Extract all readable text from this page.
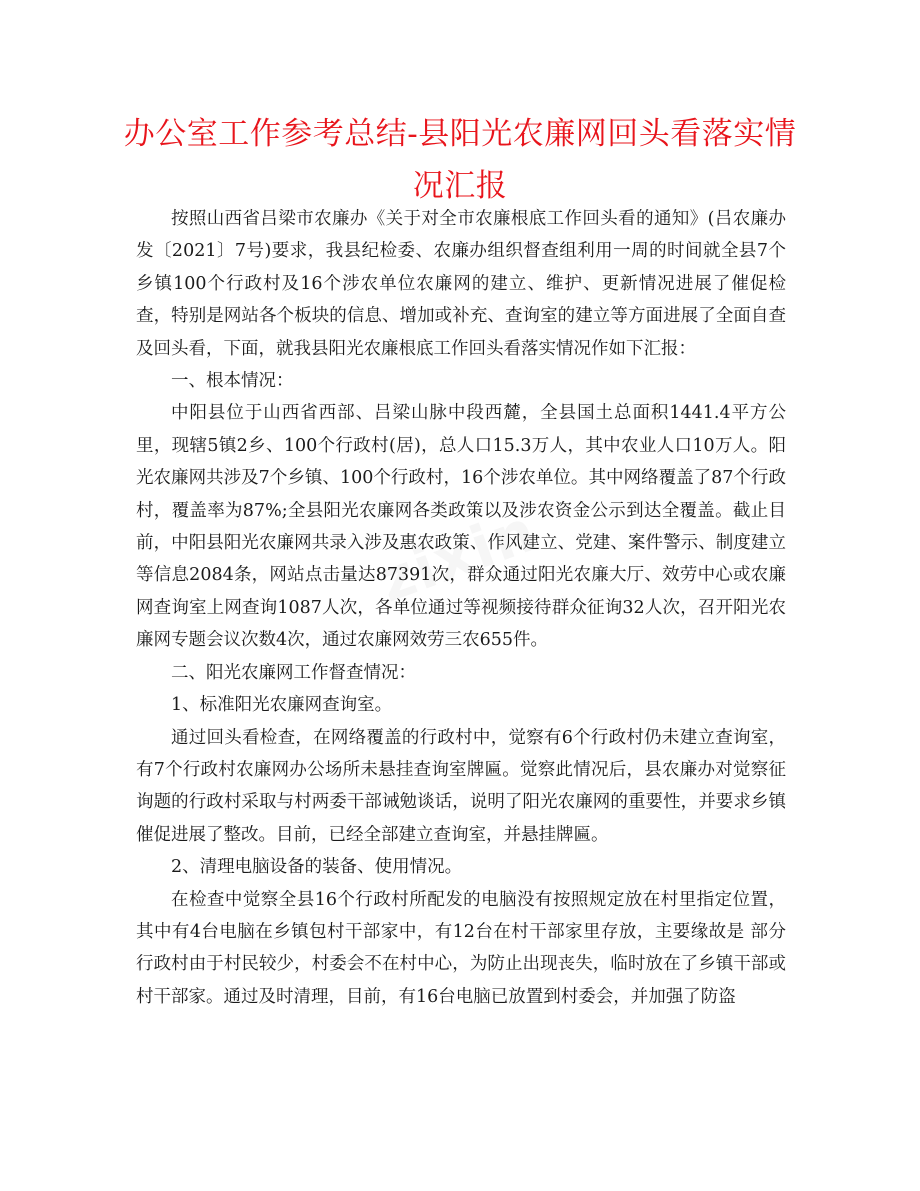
zixin
办公室工作参考总结-县阳光农廉网回头看落实情况汇报

按照山西省吕梁市农廉办《关于对全市农廉根底工作回头看的通知》(吕农廉办发〔2021〕7号)要求，我县纪检委、农廉办组织督查组利用一周的时间就全县7个乡镇100个行政村及16个涉农单位农廉网的建立、维护、更新情况进展了催促检查，特别是网站各个板块的信息、增加或补充、查询室的建立等方面进展了全面自查及回头看，下面，就我县阳光农廉根底工作回头看落实情况作如下汇报：

一、根本情况：

中阳县位于山西省西部、吕梁山脉中段西麓，全县国土总面积1441.4平方公里，现辖5镇2乡、100个行政村(居)，总人口15.3万人，其中农业人口10万人。阳光农廉网共涉及7个乡镇、100个行政村，16个涉农单位。其中网络覆盖了87个行政村，覆盖率为87%;全县阳光农廉网各类政策以及涉农资金公示到达全覆盖。截止目前，中阳县阳光农廉网共录入涉及惠农政策、作风建立、党建、案件警示、制度建立等信息2084条，网站点击量达87391次，群众通过阳光农廉大厅、效劳中心或农廉网查询室上网查询1087人次，各单位通过等视频接待群众征询32人次，召开阳光农廉网专题会议次数4次，通过农廉网效劳三农655件。

二、阳光农廉网工作督查情况：

1、标准阳光农廉网查询室。

通过回头看检查，在网络覆盖的行政村中，觉察有6个行政村仍未建立查询室，有7个行政村农廉网办公场所未悬挂查询室牌匾。觉察此情况后，县农廉办对觉察征询题的行政村采取与村两委干部诫勉谈话，说明了阳光农廉网的重要性，并要求乡镇催促进展了整改。目前，已经全部建立查询室，并悬挂牌匾。

2、清理电脑设备的装备、使用情况。

在检查中觉察全县16个行政村所配发的电脑没有按照规定放在村里指定位置，其中有4台电脑在乡镇包村干部家中，有12台在村干部家里存放，主要缘故是 部分行政村由于村民较少，村委会不在村中心，为防止出现丧失，临时放在了乡镇干部或村干部家。通过及时清理，目前，有16台电脑已放置到村委会，并加强了防盗
